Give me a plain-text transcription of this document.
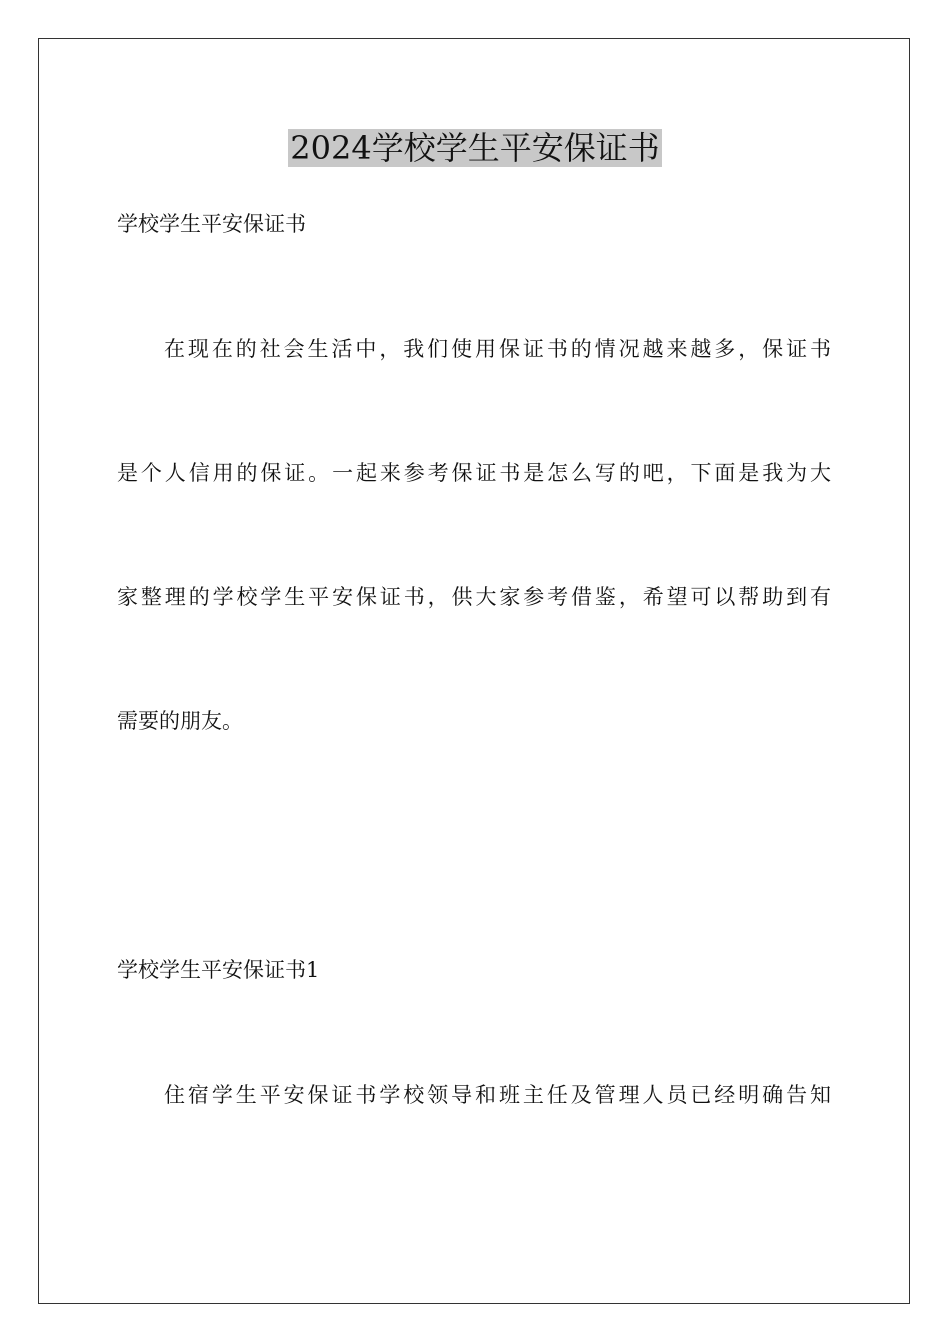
2024学校学生平安保证书

学校学生平安保证书

在现在的社会生活中，我们使用保证书的情况越来越多，保证书

是个人信用的保证。一起来参考保证书是怎么写的吧，下面是我为大

家整理的学校学生平安保证书，供大家参考借鉴，希望可以帮助到有

需要的朋友。

学校学生平安保证书1

住宿学生平安保证书学校领导和班主任及管理人员已经明确告知
